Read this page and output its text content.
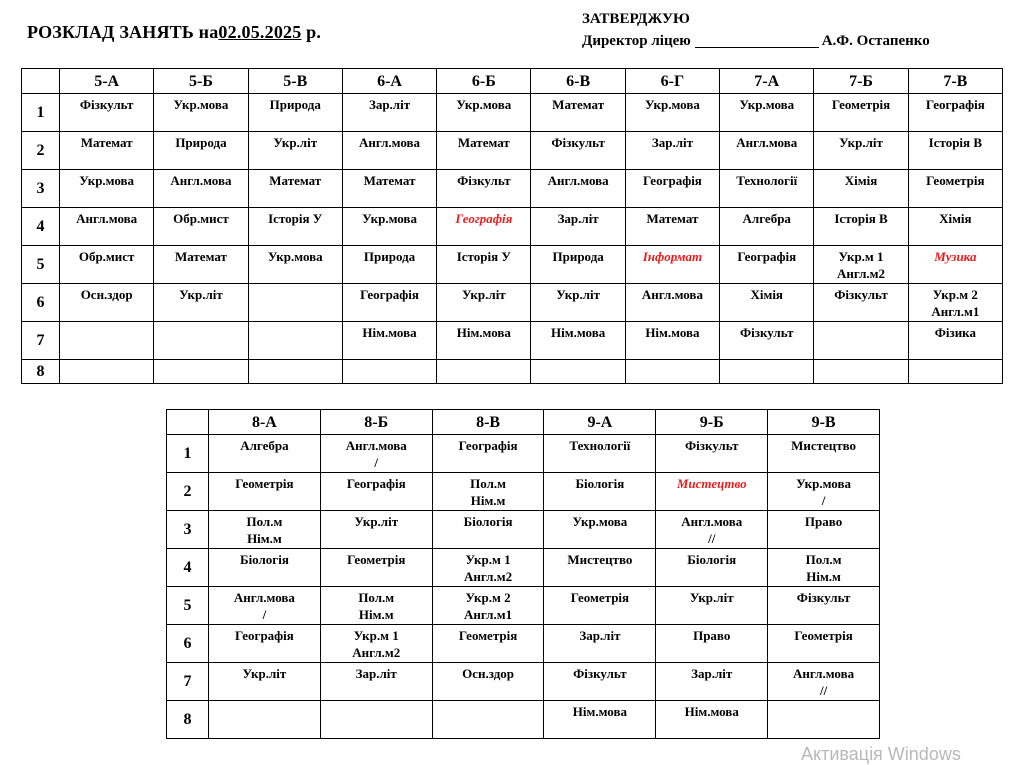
РОЗКЛАД ЗАНЯТЬ на02.05.2025 р.
ЗАТВЕРДЖУЮ
Директор ліцею	А.Ф. Остапенко
	5-А	5-Б	5-В	6-А	6-Б	6-В	6-Г	7-А	7-Б	7-В
1	Фізкульт	Укр.мова	Природа	Зар.літ	Укр.мова	Математ	Укр.мова	Укр.мова	Геометрія	Географія

2	Математ	Природа	Укр.літ	Англ.мова	Математ	Фізкульт	Зар.літ	Англ.мова	Укр.літ	Історія В

3	Укр.мова	Англ.мова	Математ	Математ	Фізкульт	Англ.мова	Географія	Технології	Хімія	Геометрія

4	Англ.мова	Обр.мист	Історія У	Укр.мова	Географія	Зар.літ	Математ	Алгебра	Історія В	Хімія

5	Обр.мист	Математ	Укр.мова	Природа	Історія У	Природа	Інформат	Географія	Укр.м 1
Англ.м2	Музика

6	Осн.здор	Укр.літ		Географія	Укр.літ	Укр.літ	Англ.мова	Хімія	Фізкульт	Укр.м 2
Англ.м1

7				Нім.мова	Нім.мова	Нім.мова	Нім.мова	Фізкульт		Фізика

8	

	8-А	8-Б	8-В	9-А	9-Б	9-В
1	Алгебра	Англ.мова
/	Географія	Технології	Фізкульт	Мистецтво

2	Геометрія	Географія	Пол.м
Нім.м	Біологія	Мистецтво	Укр.мова
/

3	Пол.м
Нім.м	Укр.літ	Біологія	Укр.мова	Англ.мова
//	Право

4	Біологія	Геометрія	Укр.м 1
Англ.м2	Мистецтво	Біологія	Пол.м
Нім.м

5	Англ.мова
/	Пол.м
Нім.м	Укр.м 2
Англ.м1	Геометрія	Укр.літ	Фізкульт

6	Географія	Укр.м 1
Англ.м2	Геометрія	Зар.літ	Право	Геометрія

7	Укр.літ	Зар.літ	Осн.здор	Фізкульт	Зар.літ	Англ.мова
//

8				Нім.мова	Нім.мова	

Активація Windows
